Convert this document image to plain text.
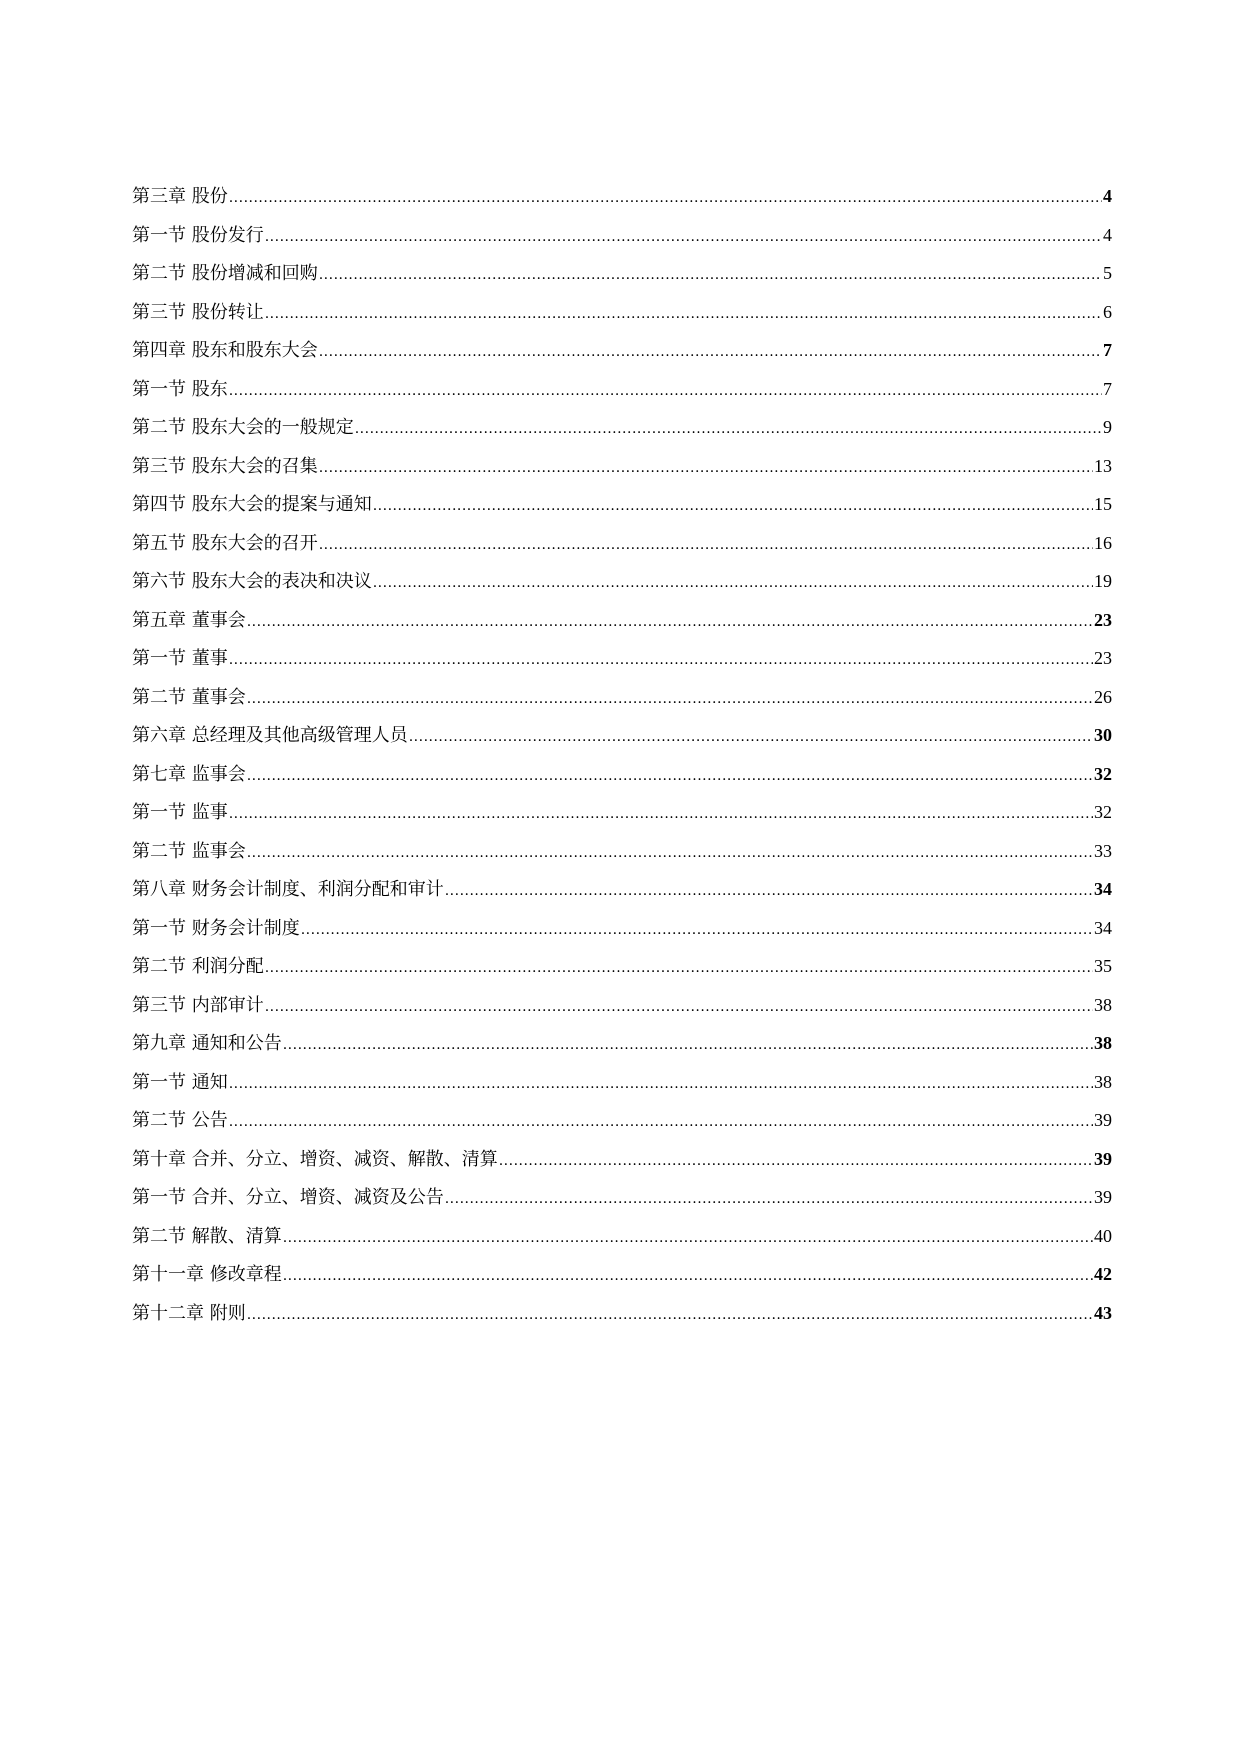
第三章 股份 .....	4
第一节 股份发行 .....	4
第二节 股份增减和回购 .....	5
第三节 股份转让 .....	6
第四章 股东和股东大会 .....	7
第一节 股东 .....	7
第二节 股东大会的一般规定 .....	9
第三节 股东大会的召集 .....	13
第四节 股东大会的提案与通知 .....	15
第五节 股东大会的召开 .....	16
第六节 股东大会的表决和决议 .....	19
第五章 董事会 .....	23
第一节 董事 .....	23
第二节 董事会 .....	26
第六章 总经理及其他高级管理人员 .....	30
第七章 监事会 .....	32
第一节 监事 .....	32
第二节 监事会 .....	33
第八章 财务会计制度、利润分配和审计 .....	34
第一节 财务会计制度 .....	34
第二节 利润分配 .....	35
第三节 内部审计 .....	38
第九章 通知和公告 .....	38
第一节 通知 .....	38
第二节 公告 .....	39
第十章 合并、分立、增资、减资、解散、清算 .....	39
第一节 合并、分立、增资、减资及公告 .....	39
第二节 解散、清算 .....	40
第十一章 修改章程 .....	42
第十二章 附则 .....	43
